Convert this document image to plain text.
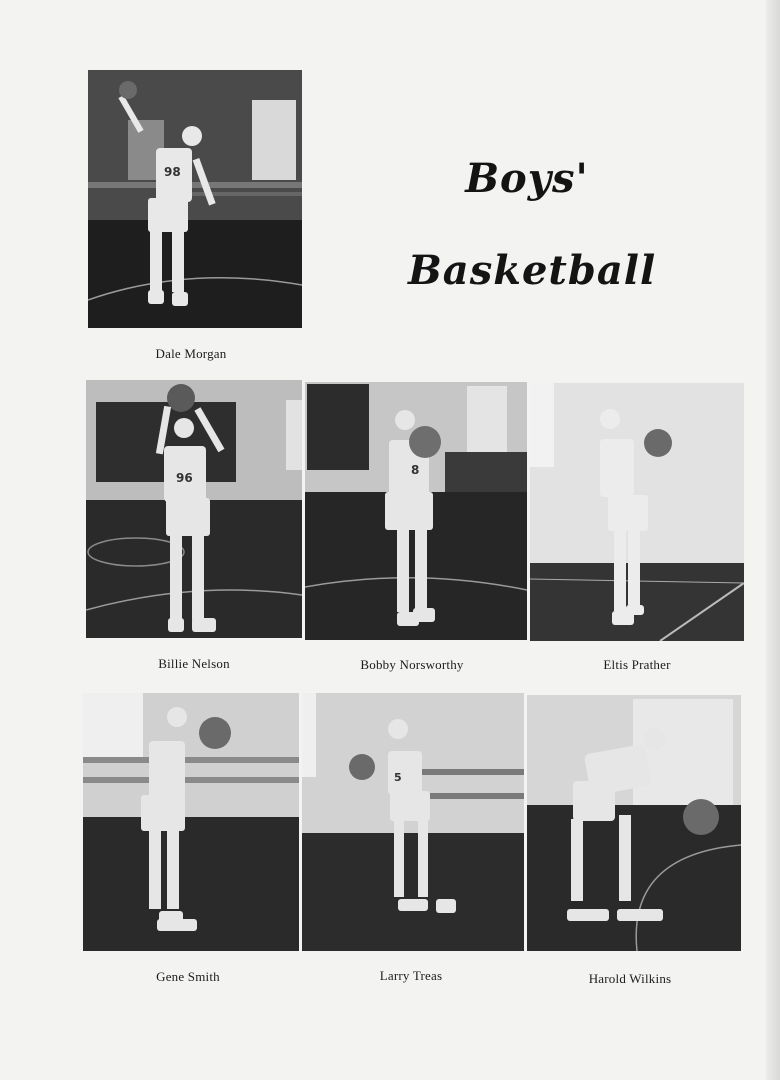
Boys'
Basketball
98
Dale Morgan
96
Billie Nelson
8
Bobby Norsworthy	Eltis Prather
Gene Smith
5
Larry Treas	Harold Wilkins
